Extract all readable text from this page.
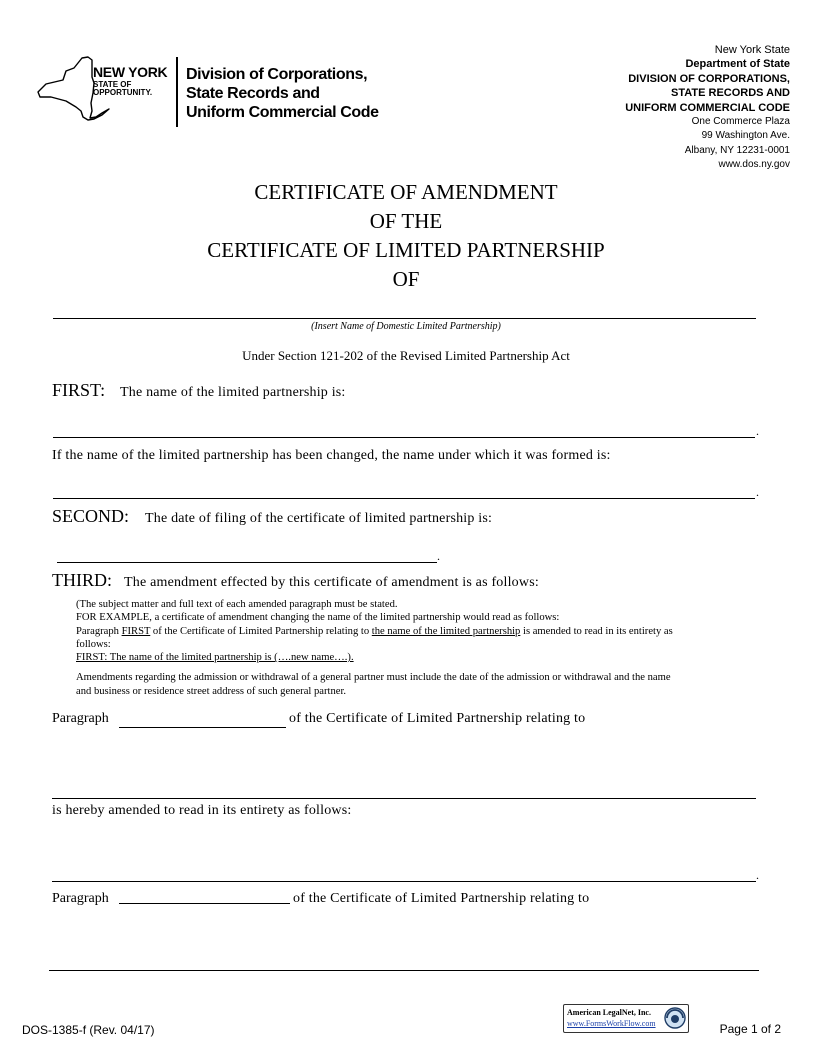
NEW YORK
STATE OF
OPPORTUNITY.
Division of Corporations,
State Records and
Uniform Commercial Code
New York State
Department of State
DIVISION OF CORPORATIONS,
STATE RECORDS AND
UNIFORM COMMERCIAL CODE
One Commerce Plaza
99 Washington Ave.
Albany, NY 12231-0001
www.dos.ny.gov
CERTIFICATE OF AMENDMENT
OF THE
CERTIFICATE OF LIMITED PARTNERSHIP
OF
(Insert Name of Domestic Limited Partnership)
Under Section 121-202 of the Revised Limited Partnership Act
FIRST: The name of the limited partnership is:
.
If the name of the limited partnership has been changed, the name under which it was formed is:
.
SECOND: The date of filing of the certificate of limited partnership is:
.
THIRD: The amendment effected by this certificate of amendment is as follows:
(The subject matter and full text of each amended paragraph must be stated.
FOR EXAMPLE, a certificate of amendment changing the name of the limited partnership would read as follows:
Paragraph FIRST of the Certificate of Limited Partnership relating to the name of the limited partnership is amended to read in its entirety as
follows:
FIRST: The name of the limited partnership is (….new name….).
Amendments regarding the admission or withdrawal of a general partner must include the date of the admission or withdrawal and the name
and business or residence street address of such general partner.
Paragraph	of the Certificate of Limited Partnership relating to
is hereby amended to read in its entirety as follows:
.
Paragraph	of the Certificate of Limited Partnership relating to
DOS-1385-f (Rev. 04/17)
American LegalNet, Inc.
www.FormsWorkFlow.com	Page 1 of 2
